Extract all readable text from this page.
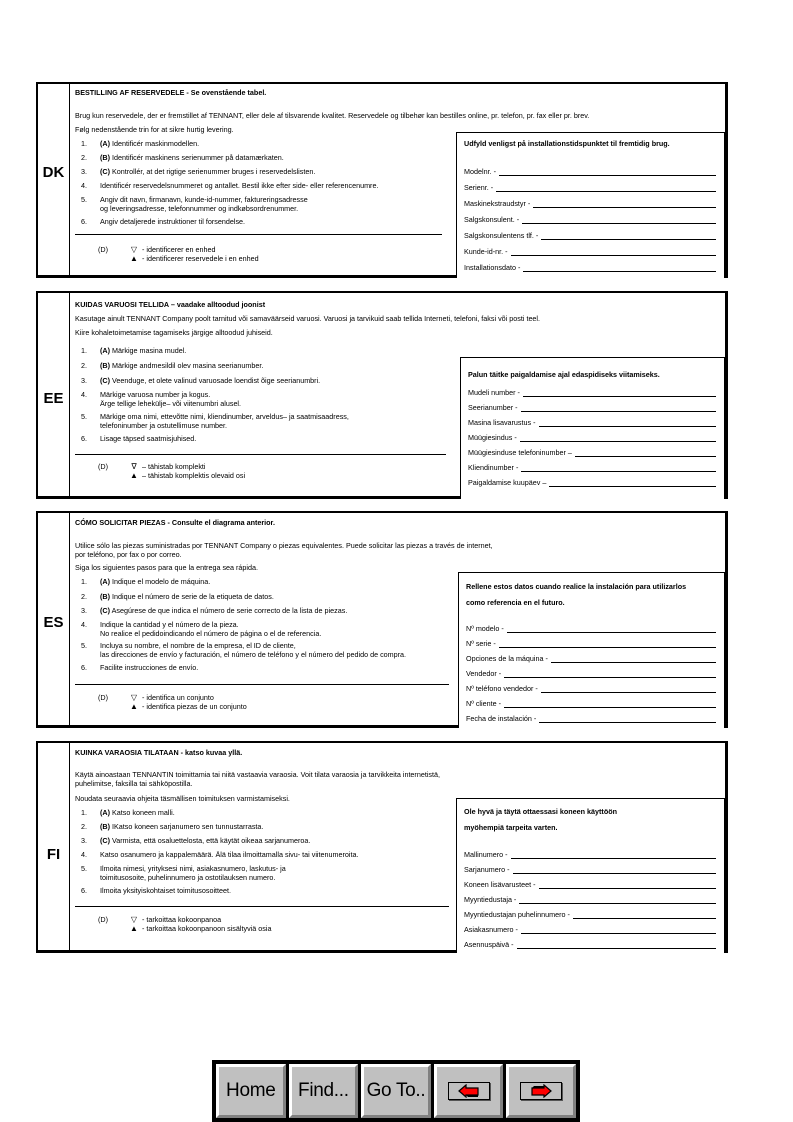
DK
BESTILLING AF RESERVEDELE - Se ovenstående tabel.
Brug kun reservedele, der er fremstillet af TENNANT, eller dele af tilsvarende kvalitet. Reservedele og tilbehør kan bestilles online, pr. telefon, pr. fax eller pr. brev.
Følg nedenstående trin for at sikre hurtig levering.
1. (A) Identificér maskinmodellen.
2. (B) Identificér maskinens serienummer på datamærkaten.
3. (C) Kontrollér, at det rigtige serienummer bruges i reservedelslisten.
4. Identificér reservedelsnummeret og antallet. Bestil ikke efter side- eller referencenumre.
5. Angiv dit navn, firmanavn, kunde-id-nummer, faktureringsadresse
og leveringsadresse, telefonnummer og indkøbsordrenummer.
6. Angiv detaljerede instruktioner til forsendelse.
(D)	▽ - identificerer en enhed
▲ - identificerer reservedele i en enhed
Udfyld venligst på installationstidspunktet til fremtidig brug.
Modelnr. -
Serienr. -
Maskinekstraudstyr -
Salgskonsulent. -
Salgskonsulentens tlf. -
Kunde-id-nr. -
Installationsdato -
EE
KUIDAS VARUOSI TELLIDA – vaadake alltoodud joonist
Kasutage ainult TENNANT Company poolt tarnitud või samaväärseid varuosi. Varuosi ja tarvikuid saab tellida Interneti, telefoni, faksi või posti teel.
Kiire kohaletoimetamise tagamiseks järgige alltoodud juhiseid.
1. (A) Märkige masina mudel.
2. (B) Märkige andmesildil olev masina seerianumber.
3. (C) Veenduge, et olete valinud varuosade loendist õige seerianumbri.
4. Märkige varuosa number ja kogus.
Ärge tellige lehekülje– või viitenumbri alusel.
5. Märkige oma nimi, ettevõtte nimi, kliendinumber, arveldus– ja saatmisaadress,
telefoninumber ja ostutellimuse number.
6. Lisage täpsed saatmisjuhised.
(D)	∇ – tähistab komplekti
▲ – tähistab komplektis olevaid osi
Palun täitke paigaldamise ajal edaspidiseks viitamiseks.
Mudeli number -
Seerianumber -
Masina lisavarustus -
Müügiesindus -
Müügiesinduse telefoninumber –
Kliendinumber -
Paigaldamise kuupäev –
ES
CÓMO SOLICITAR PIEZAS - Consulte el diagrama anterior.
Utilice sólo las piezas suministradas por TENNANT Company o piezas equivalentes. Puede solicitar las piezas a través de internet,
por teléfono, por fax o por correo.
Siga los siguientes pasos para que la entrega sea rápida.
1. (A) Indique el modelo de máquina.
2. (B) Indique el número de serie de la etiqueta de datos.
3. (C) Asegúrese de que indica el número de serie correcto de la lista de piezas.
4. Indique la cantidad y el número de la pieza.
No realice el pedidoindicando el número de página o el de referencia.
5. Incluya su nombre, el nombre de la empresa, el ID de cliente,
las direcciones de envío y facturación, el número de teléfono y el número del pedido de compra.
6. Facilite instrucciones de envío.
(D)	▽ - identifica un conjunto
▲ - identifica piezas de un conjunto
Rellene estos datos cuando realice la instalación para utilizarlos
como referencia en el futuro.
Nº modelo -
Nº serie -
Opciones de la máquina -
Vendedor -
Nº teléfono vendedor -
Nº cliente -
Fecha de instalación -
FI
KUINKA VARAOSIA TILATAAN - katso kuvaa yllä.
Käytä ainoastaan TENNANTIN toimittamia tai niitä vastaavia varaosia. Voit tilata varaosia ja tarvikkeita internetistä,
puhelimitse, faksilla tai sähköpostilla.
Noudata seuraavia ohjeita täsmällisen toimituksen varmistamiseksi.
1. (A) Katso koneen malli.
2. (B) IKatso koneen sarjanumero sen tunnustarrasta.
3. (C) Varmista, että osaluettelosta, että käytät oikeaa sarjanumeroa.
4. Katso osanumero ja kappalemäärä. Älä tilaa ilmoittamalla sivu- tai viitenumeroita.
5. Ilmoita nimesi, yrityksesi nimi, asiakasnumero, laskutus- ja
toimitusosoite, puhelinnumero ja ostotilauksen numero.
6. Ilmoita yksityiskohtaiset toimitusosoitteet.
(D)	▽ - tarkoittaa kokoonpanoa
▲ - tarkoittaa kokoonpanoon sisältyviä osia
Ole hyvä ja täytä ottaessasi koneen käyttöön
myöhempiä tarpeita varten.
Mallinumero -
Sarjanumero -
Koneen lisävarusteet -
Myyntiedustaja -
Myyntiedustajan puhelinnumero -
Asiakasnumero -
Asennuspäivä -
Home	Find... Go To..
